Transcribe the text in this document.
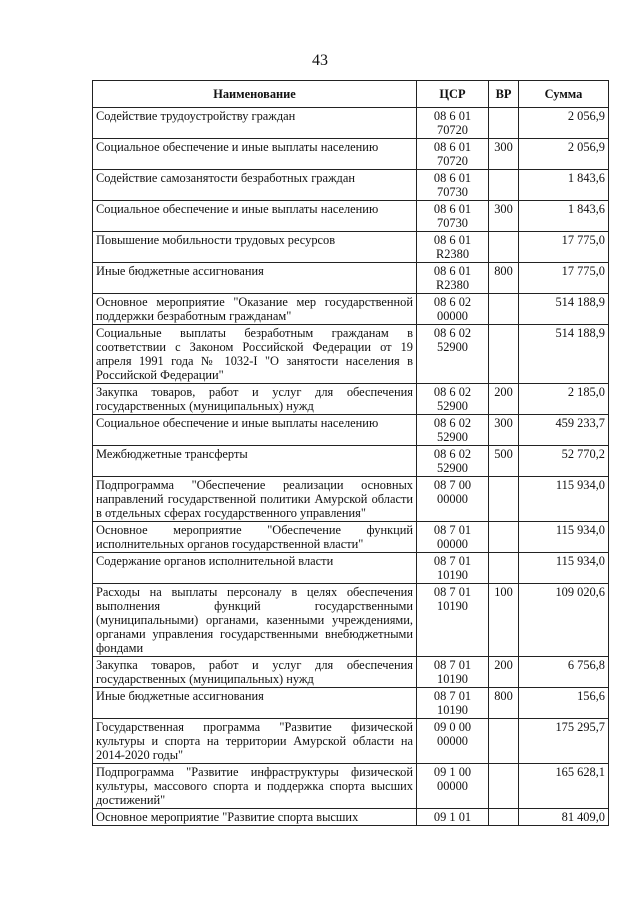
43
Наименование	ЦСР	ВР	Сумма
Содействие трудоустройству граждан	08 6 01 70720		2 056,9
Социальное обеспечение и иные выплаты населению	08 6 01 70720	300	2 056,9
Содействие самозанятости безработных граждан	08 6 01 70730		1 843,6
Социальное обеспечение и иные выплаты населению	08 6 01 70730	300	1 843,6
Повышение мобильности трудовых ресурсов	08 6 01 R2380		17 775,0
Иные бюджетные ассигнования	08 6 01 R2380	800	17 775,0
Основное мероприятие "Оказание мер государственной поддержки безработным гражданам"	08 6 02 00000		514 188,9
Социальные выплаты безработным гражданам в соответствии с Законом Российской Федерации от 19 апреля 1991 года № 1032-I "О занятости населения в Российской Федерации"	08 6 02 52900		514 188,9
Закупка товаров, работ и услуг для обеспечения государственных (муниципальных) нужд	08 6 02 52900	200	2 185,0
Социальное обеспечение и иные выплаты населению	08 6 02 52900	300	459 233,7
Межбюджетные трансферты	08 6 02 52900	500	52 770,2
Подпрограмма "Обеспечение реализации основных направлений государственной политики Амурской области в отдельных сферах государственного управления"	08 7 00 00000		115 934,0
Основное мероприятие "Обеспечение функций исполнительных органов государственной власти"	08 7 01 00000		115 934,0
Содержание органов исполнительной власти	08 7 01 10190		115 934,0
Расходы на выплаты персоналу в целях обеспечения выполнения функций государственными (муниципальными) органами, казенными учреждениями, органами управления государственными внебюджетными фондами	08 7 01 10190	100	109 020,6
Закупка товаров, работ и услуг для обеспечения государственных (муниципальных) нужд	08 7 01 10190	200	6 756,8
Иные бюджетные ассигнования	08 7 01 10190	800	156,6
Государственная программа "Развитие физической культуры и спорта на территории Амурской области на 2014-2020 годы"	09 0 00 00000		175 295,7
Подпрограмма "Развитие инфраструктуры физической культуры, массового спорта и поддержка спорта высших достижений"	09 1 00 00000		165 628,1
Основное мероприятие "Развитие спорта высших	09 1 01		81 409,0
